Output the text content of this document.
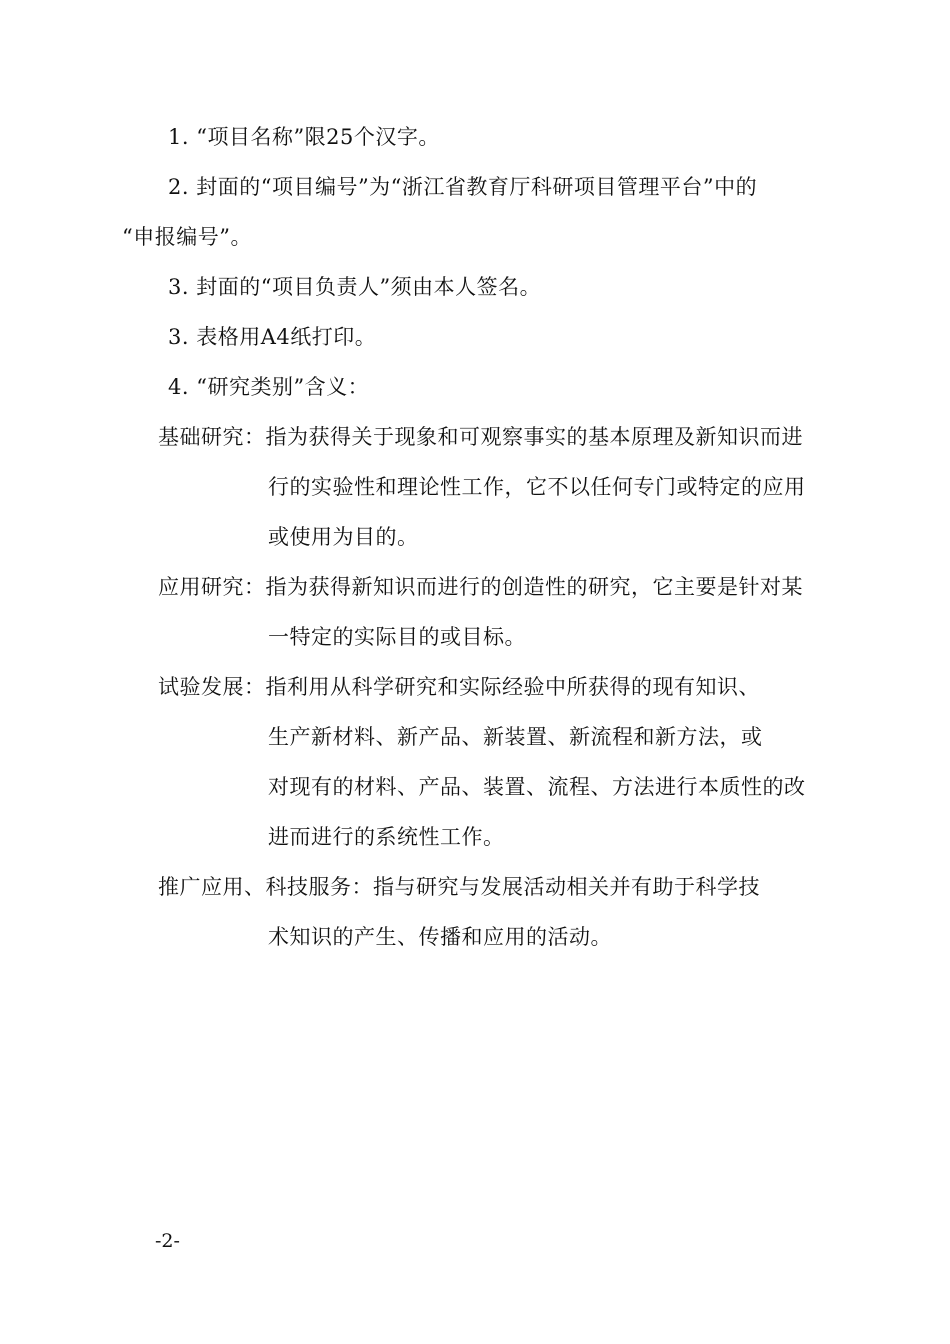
1. “项目名称”限25个汉字。
2. 封面的“项目编号”为“浙江省教育厅科研项目管理平台”中的
“申报编号”。
3. 封面的“项目负责人”须由本人签名。
3. 表格用A4纸打印。
4. “研究类别”含义：
基础研究：指为获得关于现象和可观察事实的基本原理及新知识而进
行的实验性和理论性工作，它不以任何专门或特定的应用
或使用为目的。
应用研究：指为获得新知识而进行的创造性的研究，它主要是针对某
一特定的实际目的或目标。
试验发展：指利用从科学研究和实际经验中所获得的现有知识、
生产新材料、新产品、新装置、新流程和新方法，或
对现有的材料、产品、装置、流程、方法进行本质性的改
进而进行的系统性工作。
推广应用、科技服务：指与研究与发展活动相关并有助于科学技
术知识的产生、传播和应用的活动。
-2-
